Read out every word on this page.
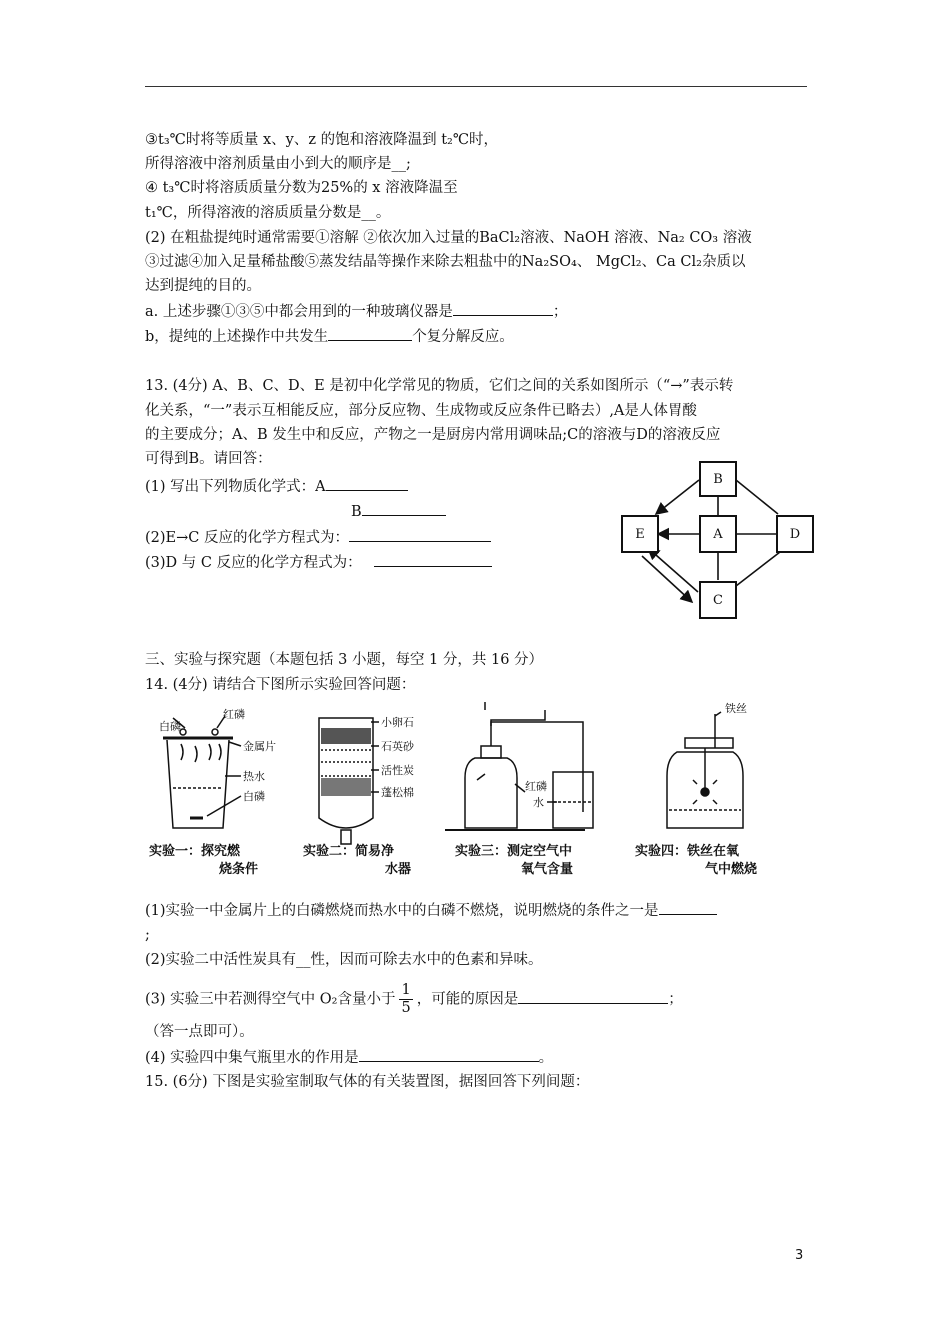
③t₃℃时将等质量 x、y、z 的饱和溶液降温到 t₂℃时，
所得溶液中溶剂质量由小到大的顺序是__;
④ t₃℃时将溶质质量分数为25%的 x 溶液降温至
t₁℃，所得溶液的溶质质量分数是__。
(2) 在粗盐提纯时通常需要①溶解 ②依次加入过量的BaCl₂溶液、NaOH 溶液、Na₂ CO₃ 溶液
③过滤④加入足量稀盐酸⑤蒸发结晶等操作来除去粗盐中的Na₂SO₄、 MgCl₂、Ca Cl₂杂质以
达到提纯的目的。
a. 上述步骤①③⑤中都会用到的一种玻璃仪器是	；
b，提纯的上述操作中共发生	个复分解反应。
13. (4分) A、B、C、D、E 是初中化学常见的物质，它们之间的关系如图所示（“→”表示转
化关系，“一”表示互相能反应，部分反应物、生成物或反应条件已略去）,A是人体胃酸
的主要成分；A、B 发生中和反应，产物之一是厨房内常用调味品;C的溶液与D的溶液反应
可得到B。请回答：
(1) 写出下列物质化学式：A
B
(2)E→C 反应的化学方程式为：
(3)D 与 C 反应的化学方程式为：
B
E	A	D
C
三、实验与探究题（本题包括 3 小题，每空 1 分，共 16 分）
14. (4分) 请结合下图所示实验回答问题：
白磷
红磷
金属片
热水
白磷
小卵石
石英砂
活性炭
蓬松棉	红磷
水
铁丝
实验一：探究燃
烧条件
实验二：简易净
水器
实验三：测定空气中
氧气含量
实验四：铁丝在氧
气中燃烧
(1)实验一中金属片上的白磷燃烧而热水中的白磷不燃烧，说明燃烧的条件之一是
;
(2)实验二中活性炭具有__性，因而可除去水中的色素和异味。
(3) 实验三中若测得空气中 O₂含量小于 $\frac{1}{5}$ ，可能的原因是	；
（答一点即可）。
(4) 实验四中集气瓶里水的作用是	。
15. (6分) 下图是实验室制取气体的有关装置图，据图回答下列间题：
3
